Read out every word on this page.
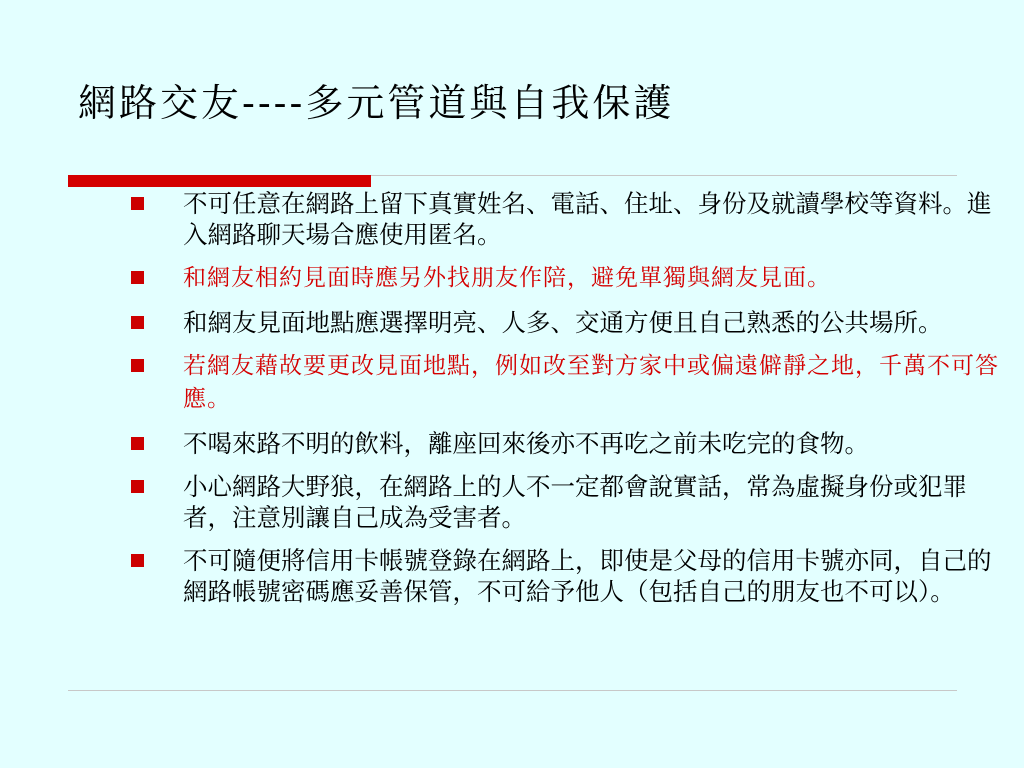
網路交友----多元管道與自我保護
不可任意在網路上留下真實姓名、電話、住址、身份及就讀學校等資料。進入網路聊天場合應使用匿名。
和網友相約見面時應另外找朋友作陪，避免單獨與網友見面。
和網友見面地點應選擇明亮、人多、交通方便且自己熟悉的公共場所。
若網友藉故要更改見面地點，例如改至對方家中或偏遠僻靜之地，千萬不可答應。
不喝來路不明的飲料，離座回來後亦不再吃之前未吃完的食物。
小心網路大野狼，在網路上的人不一定都會說實話，常為虛擬身份或犯罪者，注意別讓自己成為受害者。
不可隨便將信用卡帳號登錄在網路上，即使是父母的信用卡號亦同，自己的網路帳號密碼應妥善保管，不可給予他人（包括自己的朋友也不可以）。
